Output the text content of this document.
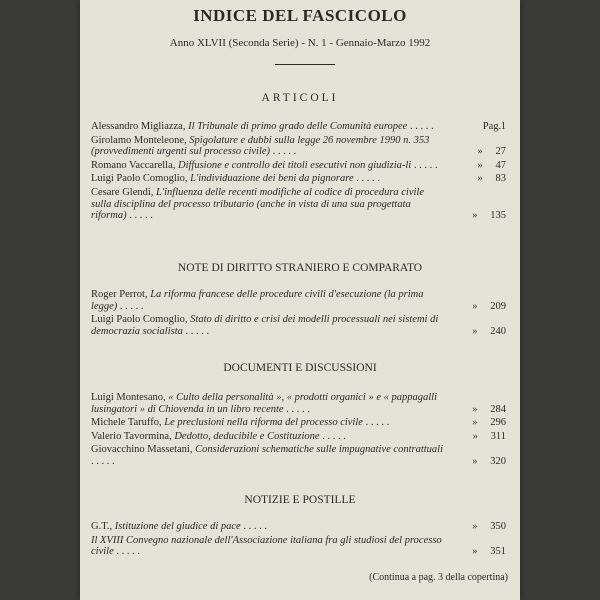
INDICE DEL FASCICOLO
Anno XLVII (Seconda Serie) - N. 1 - Gennaio-Marzo 1992
ARTICOLI
Alessandro Migliazza, Il Tribunale di primo grado delle Comunità europee . . . . .	Pag.1
Girolamo Monteleone, Spigolature e dubbi sulla legge 26 novembre 1990 n. 353 (provvedimenti urgenti sul processo civile) . . . . .	» 27
Romano Vaccarella, Diffusione e controllo dei titoli esecutivi non giudizia-li . . . . .	» 47
Luigi Paolo Comoglio, L'individuazione dei beni da pignorare . . . . .	» 83
Cesare Glendi, L'influenza delle recenti modifiche al codice di procedura civile sulla disciplina del processo tributario (anche in vista di una sua progettata riforma) . . . . .	» 135
NOTE DI DIRITTO STRANIERO E COMPARATO
Roger Perrot, La riforma francese delle procedure civili d'esecuzione (la prima legge) . . . . .	» 209
Luigi Paolo Comoglio, Stato di diritto e crisi dei modelli processuali nei sistemi di democrazia socialista . . . . .	» 240
DOCUMENTI E DISCUSSIONI
Luigi Montesano, « Culto della personalità », « prodotti organici » e « pappagalli lusingatori » di Chiovenda in un libro recente . . . . .	» 284
Michele Taruffo, Le preclusioni nella riforma del processo civile . . . . .	» 296
Valerio Tavormina, Dedotto, deducibile e Costituzione . . . . .	» 311
Giovacchino Massetani, Considerazioni schematiche sulle impugnative contrattuali . . . . .	» 320
NOTIZIE E POSTILLE
G.T., Istituzione del giudice di pace . . . . .	» 350
Il XVIII Convegno nazionale dell'Associazione italiana fra gli studiosi del processo civile . . . . .	» 351
(Continua a pag. 3 della copertina)
